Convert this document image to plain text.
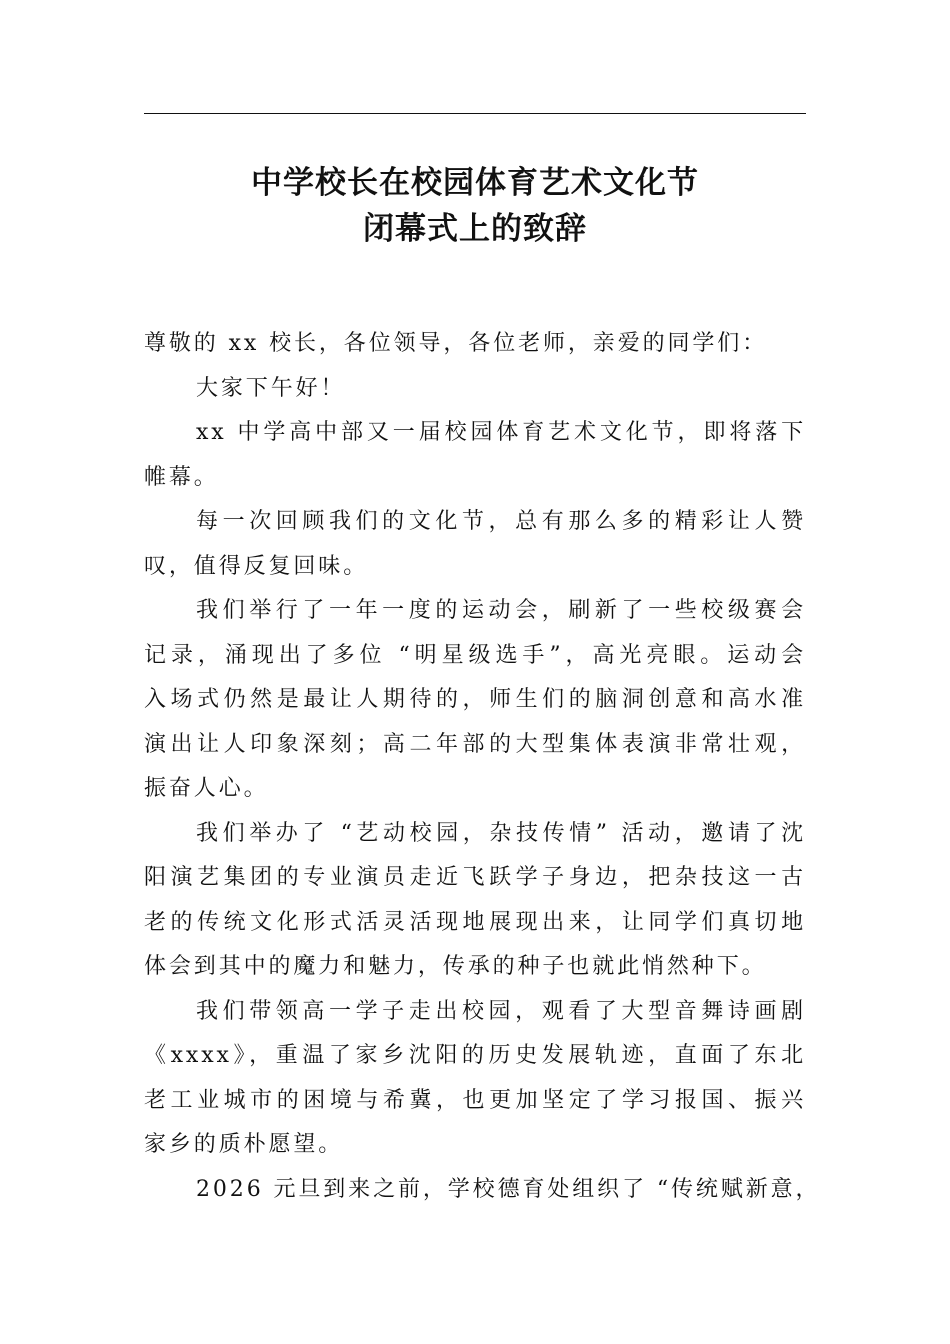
中学校长在校园体育艺术文化节
闭幕式上的致辞

尊敬的 xx 校长，各位领导，各位老师，亲爱的同学们：

大家下午好！

xx 中学高中部又一届校园体育艺术文化节，即将落下
帷幕。

每一次回顾我们的文化节，总有那么多的精彩让人赞
叹，值得反复回味。

我们举行了一年一度的运动会，刷新了一些校级赛会
记录，涌现出了多位 “明星级选手”，高光亮眼。运动会
入场式仍然是最让人期待的，师生们的脑洞创意和高水准
演出让人印象深刻；高二年部的大型集体表演非常壮观，
振奋人心。

我们举办了 “艺动校园，杂技传情” 活动，邀请了沈
阳演艺集团的专业演员走近飞跃学子身边，把杂技这一古
老的传统文化形式活灵活现地展现出来，让同学们真切地
体会到其中的魔力和魅力，传承的种子也就此悄然种下。

我们带领高一学子走出校园，观看了大型音舞诗画剧
《xxxx》，重温了家乡沈阳的历史发展轨迹，直面了东北
老工业城市的困境与希冀，也更加坚定了学习报国、振兴
家乡的质朴愿望。

2026 元旦到来之前，学校德育处组织了 “传统赋新意，
